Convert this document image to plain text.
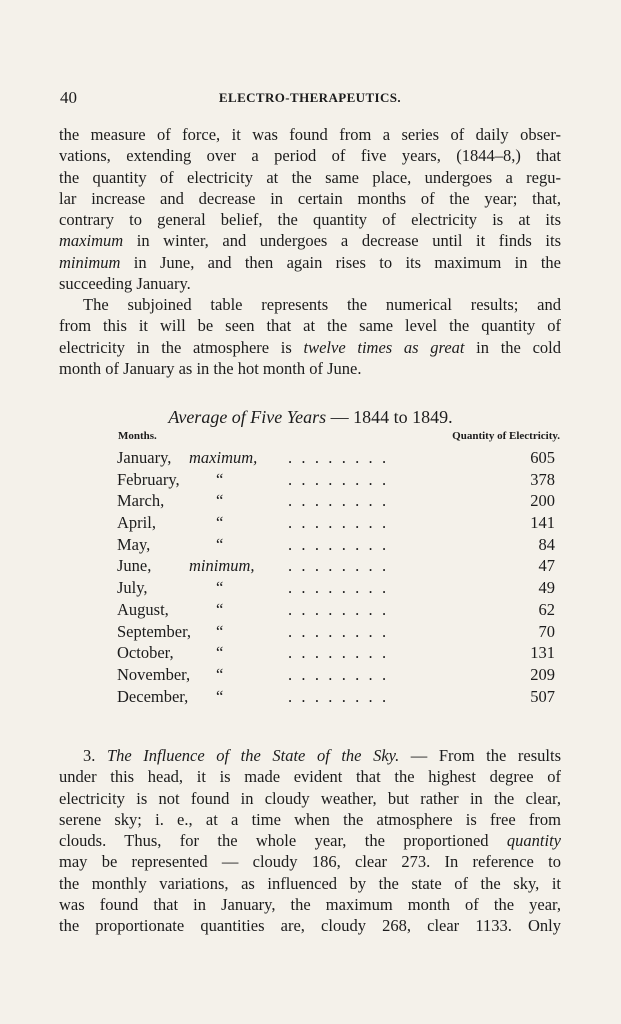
40	ELECTRO-THERAPEUTICS.
the measure of force, it was found from a series of daily obser-
vations, extending over a period of five years, (1844–8,) that
the quantity of electricity at the same place, undergoes a regu-
lar increase and decrease in certain months of the year; that,
contrary to general belief, the quantity of electricity is at its
maximum in winter, and undergoes a decrease until it finds its
minimum in June, and then again rises to its maximum in the
succeeding January.
The subjoined table represents the numerical results; and
from this it will be seen that at the same level the quantity of
electricity in the atmosphere is twelve times as great in the cold
month of January as in the hot month of June.
Average of Five Years — 1844 to 1849.
Months.	Quantity of Electricity.
January, maximum, ........	605
February, “	........	378
March,	“	........	200
April,	“	........	141
May,	“	........	84
June, minimum, ........	47
July,	“	........	49
August,	“	........	62
September, “	........	70
October,	“	........	131
November, “	........	209
December, “	........	507
3. The Influence of the State of the Sky. — From the results
under this head, it is made evident that the highest degree of
electricity is not found in cloudy weather, but rather in the clear,
serene sky; i. e., at a time when the atmosphere is free from
clouds. Thus, for the whole year, the proportioned quantity
may be represented — cloudy 186, clear 273. In reference to
the monthly variations, as influenced by the state of the sky, it
was found that in January, the maximum month of the year,
the proportionate quantities are, cloudy 268, clear 1133. Only
